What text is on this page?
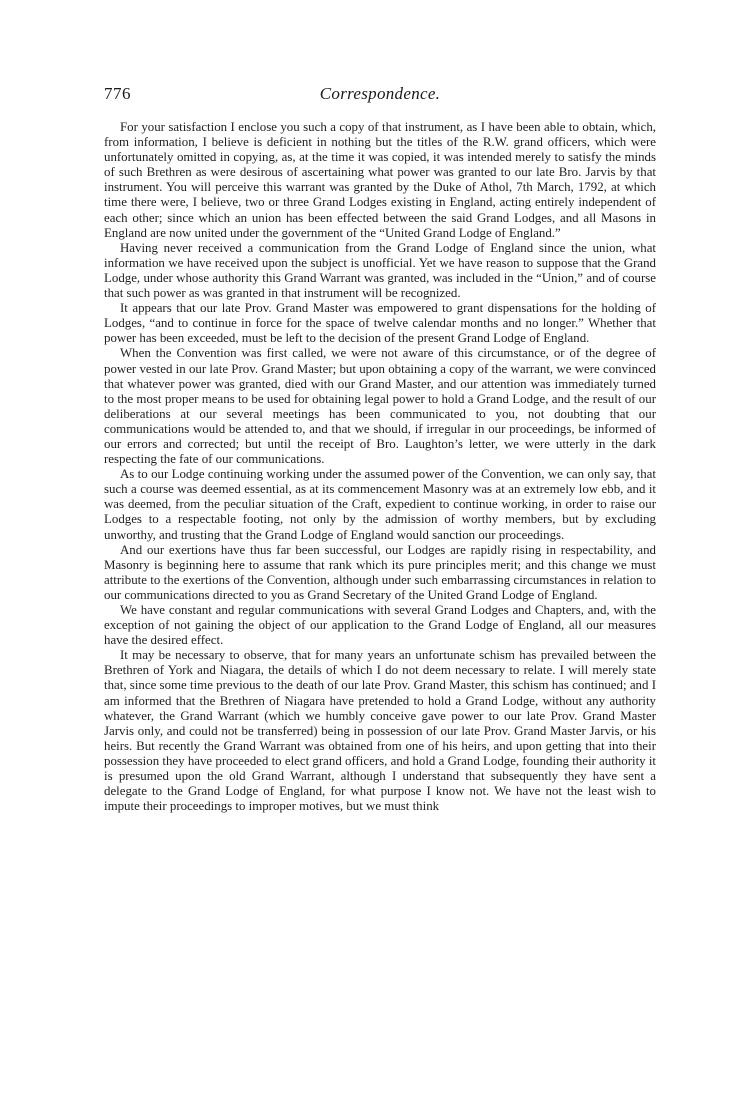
776	Correspondence.

For your satisfaction I enclose you such a copy of that instrument, as I have been able to obtain, which, from information, I believe is deficient in nothing but the titles of the R.W. grand officers, which were unfortunately omitted in copying, as, at the time it was copied, it was intended merely to satisfy the minds of such Brethren as were desirous of ascertaining what power was granted to our late Bro. Jarvis by that instrument. You will perceive this warrant was granted by the Duke of Athol, 7th March, 1792, at which time there were, I believe, two or three Grand Lodges existing in England, acting entirely independent of each other; since which an union has been effected between the said Grand Lodges, and all Masons in England are now united under the government of the “United Grand Lodge of England.”

Having never received a communication from the Grand Lodge of England since the union, what information we have received upon the subject is unofficial. Yet we have reason to suppose that the Grand Lodge, under whose authority this Grand Warrant was granted, was included in the “Union,” and of course that such power as was granted in that instrument will be recognized.

It appears that our late Prov. Grand Master was empowered to grant dispensations for the holding of Lodges, “and to continue in force for the space of twelve calendar months and no longer.” Whether that power has been exceeded, must be left to the decision of the present Grand Lodge of England.

When the Convention was first called, we were not aware of this circumstance, or of the degree of power vested in our late Prov. Grand Master; but upon obtaining a copy of the warrant, we were convinced that whatever power was granted, died with our Grand Master, and our attention was immediately turned to the most proper means to be used for obtaining legal power to hold a Grand Lodge, and the result of our deliberations at our several meetings has been communicated to you, not doubting that our communications would be attended to, and that we should, if irregular in our proceedings, be informed of our errors and corrected; but until the receipt of Bro. Laughton’s letter, we were utterly in the dark respecting the fate of our communications.

As to our Lodge continuing working under the assumed power of the Convention, we can only say, that such a course was deemed essential, as at its commencement Masonry was at an extremely low ebb, and it was deemed, from the peculiar situation of the Craft, expedient to continue working, in order to raise our Lodges to a respectable footing, not only by the admission of worthy members, but by excluding unworthy, and trusting that the Grand Lodge of England would sanction our proceedings.

And our exertions have thus far been successful, our Lodges are rapidly rising in respectability, and Masonry is beginning here to assume that rank which its pure principles merit; and this change we must attribute to the exertions of the Convention, although under such embarrassing circumstances in relation to our communications directed to you as Grand Secretary of the United Grand Lodge of England.

We have constant and regular communications with several Grand Lodges and Chapters, and, with the exception of not gaining the object of our application to the Grand Lodge of England, all our measures have the desired effect.

It may be necessary to observe, that for many years an unfortunate schism has prevailed between the Brethren of York and Niagara, the details of which I do not deem necessary to relate. I will merely state that, since some time previous to the death of our late Prov. Grand Master, this schism has continued; and I am informed that the Brethren of Niagara have pretended to hold a Grand Lodge, without any authority whatever, the Grand Warrant (which we humbly conceive gave power to our late Prov. Grand Master Jarvis only, and could not be transferred) being in possession of our late Prov. Grand Master Jarvis, or his heirs. But recently the Grand Warrant was obtained from one of his heirs, and upon getting that into their possession they have proceeded to elect grand officers, and hold a Grand Lodge, founding their authority it is presumed upon the old Grand Warrant, although I understand that subsequently they have sent a delegate to the Grand Lodge of England, for what purpose I know not. We have not the least wish to impute their proceedings to improper motives, but we must think
